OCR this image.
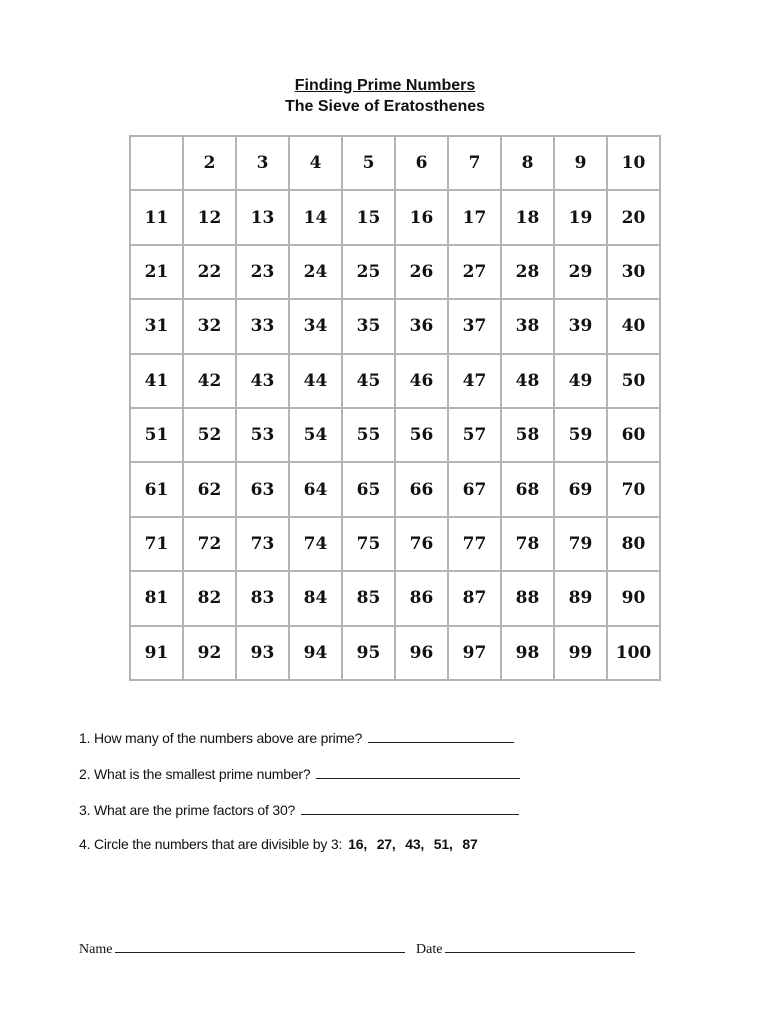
Finding Prime Numbers
The Sieve of Eratosthenes
	2	3	4	5	6	7	8	9	10
11	12	13	14	15	16	17	18	19	20
21	22	23	24	25	26	27	28	29	30
31	32	33	34	35	36	37	38	39	40
41	42	43	44	45	46	47	48	49	50
51	52	53	54	55	56	57	58	59	60
61	62	63	64	65	66	67	68	69	70
71	72	73	74	75	76	77	78	79	80
81	82	83	84	85	86	87	88	89	90
91	92	93	94	95	96	97	98	99	100
1. How many of the numbers above are prime?
2. What is the smallest prime number?
3. What are the prime factors of 30?
4. Circle the numbers that are divisible by 3: 16, 27, 43, 51, 87
Name	Date
